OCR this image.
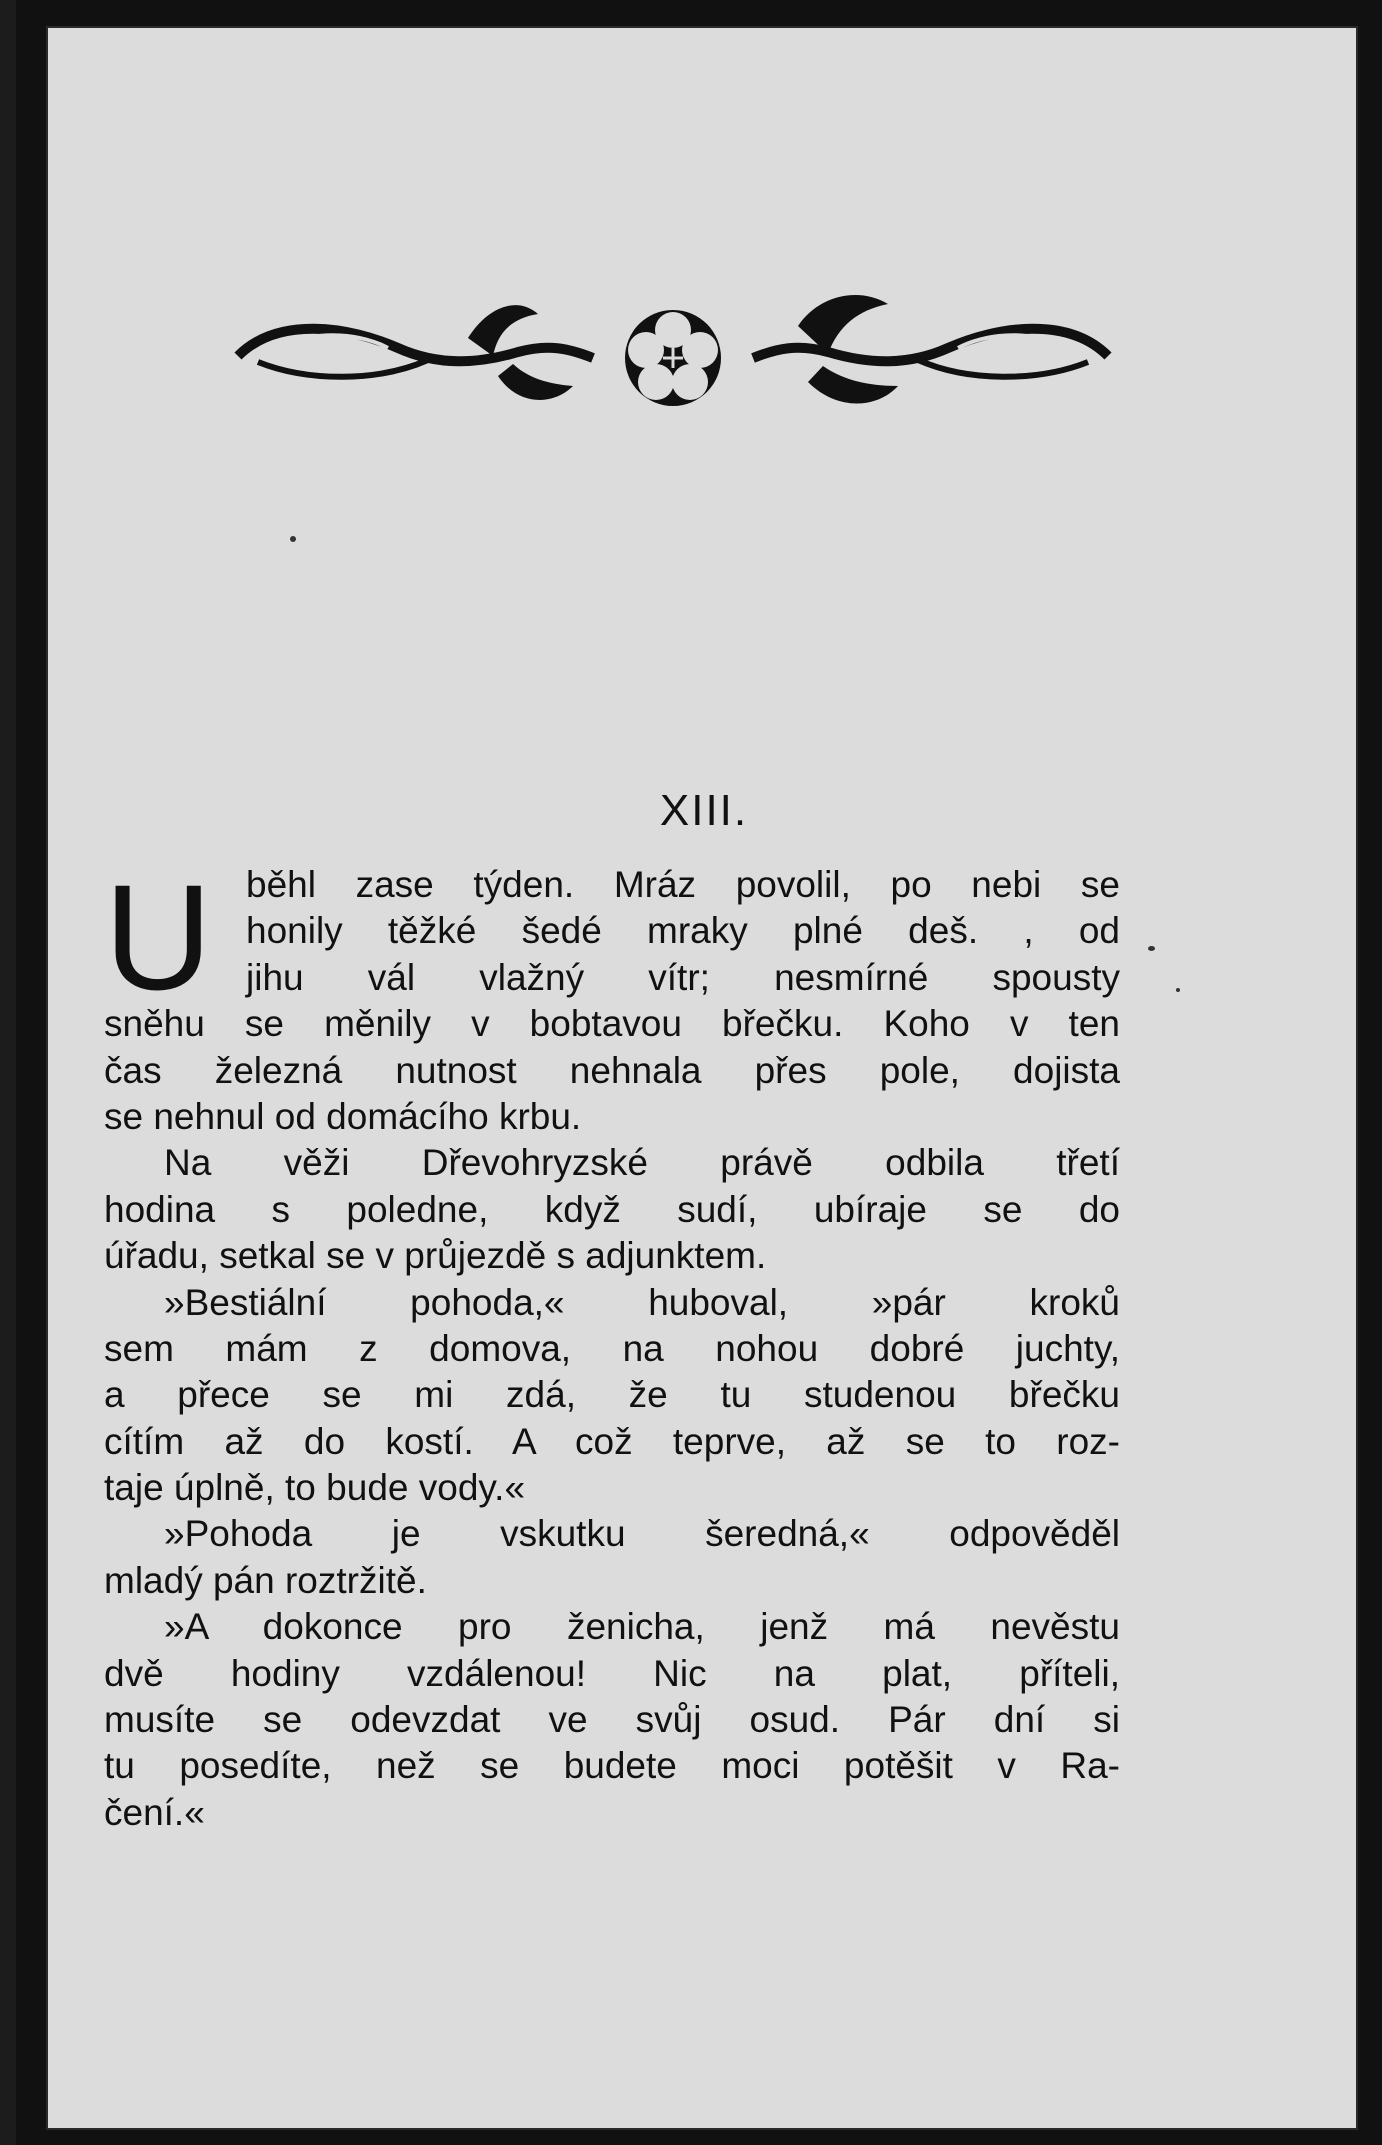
XIII.
U běhl zase týden. Mráz povolil, po nebi se
honily těžké šedé mraky plné deš. , od
jihu vál vlažný vítr; nesmírné spousty
sněhu se měnily v bobtavou břečku. Koho v ten
čas železná nutnost nehnala přes pole, dojista
se nehnul od domácího krbu.
Na věži Dřevohryzské právě odbila třetí
hodina s poledne, když sudí, ubíraje se do
úřadu, setkal se v průjezdě s adjunktem.
»Bestiální pohoda,« huboval, »pár kroků
sem mám z domova, na nohou dobré juchty,
a přece se mi zdá, že tu studenou břečku
cítím až do kostí. A což teprve, až se to roz-
taje úplně, to bude vody.«
»Pohoda je vskutku šeredná,« odpověděl
mladý pán roztržitě.
»A dokonce pro ženicha, jenž má nevěstu
dvě hodiny vzdálenou! Nic na plat, příteli,
musíte se odevzdat ve svůj osud. Pár dní si
tu posedíte, než se budete moci potěšit v Ra-
čení.«
